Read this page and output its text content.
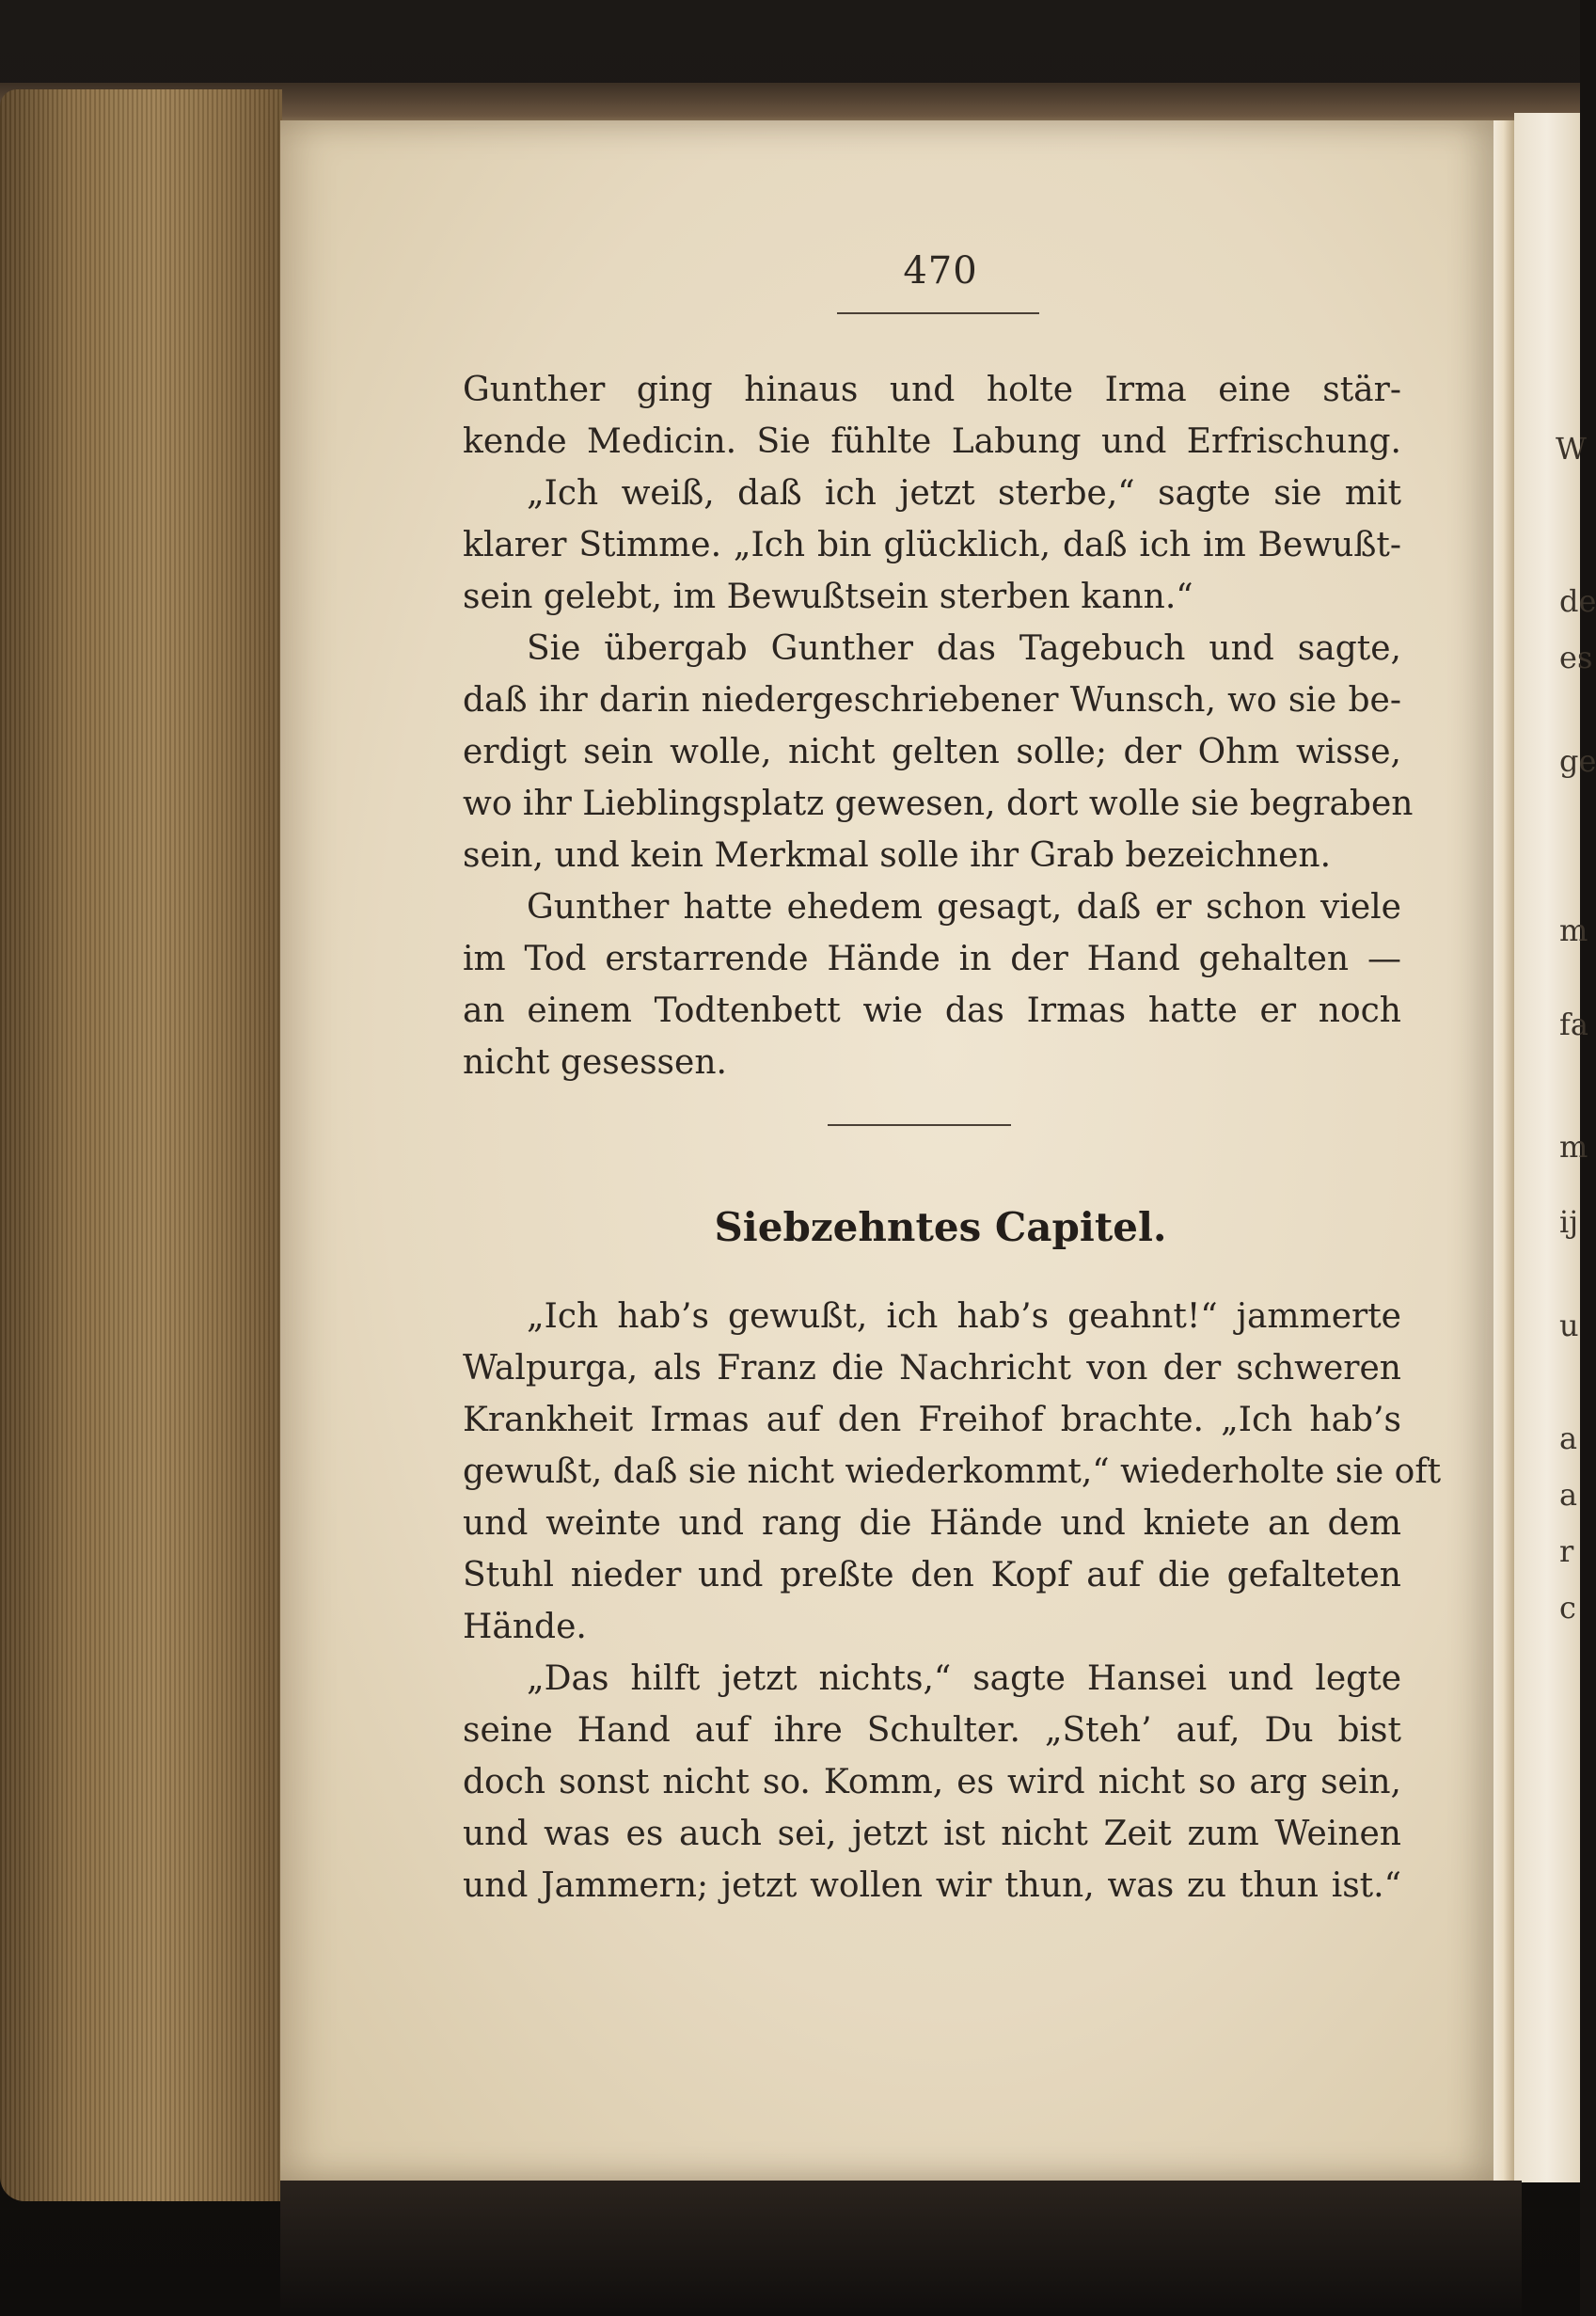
W
de
es
ge
m
fa
m
ij
u
a
a
r
c
470
Gunther ging hinaus und holte Irma eine stär-
kende Medicin. Sie fühlte Labung und Erfrischung.
„Ich weiß, daß ich jetzt sterbe,“ sagte sie mit
klarer Stimme. „Ich bin glücklich, daß ich im Bewußt-
sein gelebt, im Bewußtsein sterben kann.“
Sie übergab Gunther das Tagebuch und sagte,
daß ihr darin niedergeschriebener Wunsch, wo sie be-
erdigt sein wolle, nicht gelten solle; der Ohm wisse,
wo ihr Lieblingsplatz gewesen, dort wolle sie begraben
sein, und kein Merkmal solle ihr Grab bezeichnen.
Gunther hatte ehedem gesagt, daß er schon viele
im Tod erstarrende Hände in der Hand gehalten —
an einem Todtenbett wie das Irmas hatte er noch
nicht gesessen.
Siebzehntes Capitel.
„Ich hab’s gewußt, ich hab’s geahnt!“ jammerte
Walpurga, als Franz die Nachricht von der schweren
Krankheit Irmas auf den Freihof brachte. „Ich hab’s
gewußt, daß sie nicht wiederkommt,“ wiederholte sie oft
und weinte und rang die Hände und kniete an dem
Stuhl nieder und preßte den Kopf auf die gefalteten
Hände.
„Das hilft jetzt nichts,“ sagte Hansei und legte
seine Hand auf ihre Schulter. „Steh’ auf, Du bist
doch sonst nicht so. Komm, es wird nicht so arg sein,
und was es auch sei, jetzt ist nicht Zeit zum Weinen
und Jammern; jetzt wollen wir thun, was zu thun ist.“
